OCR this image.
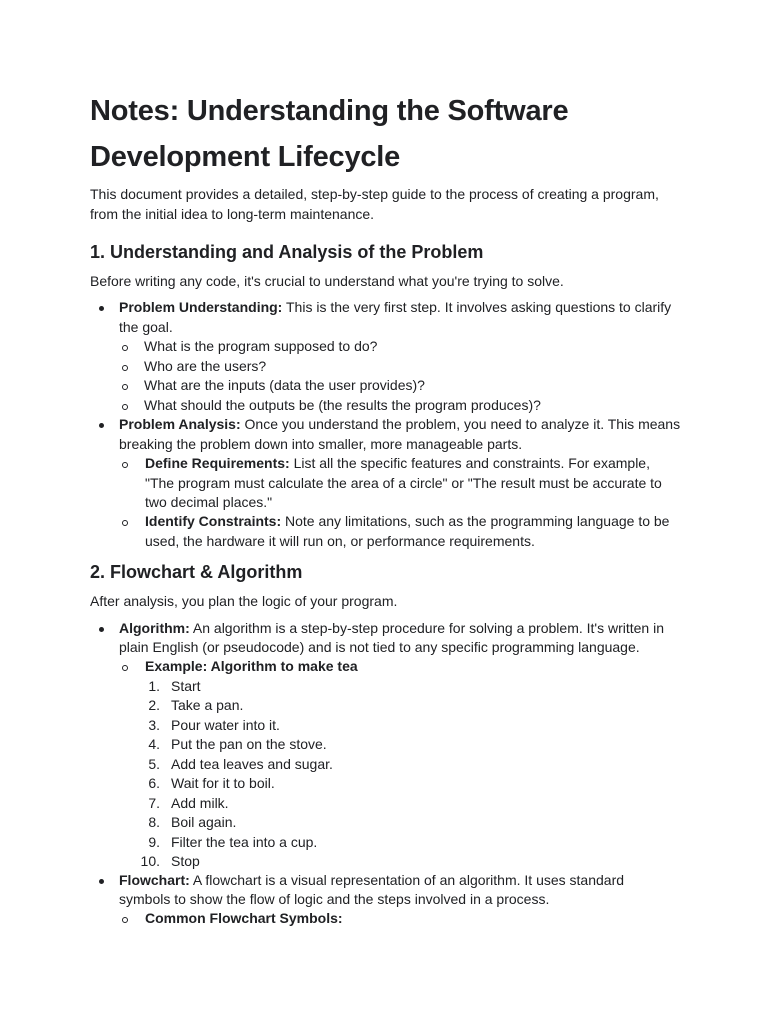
Notes: Understanding the Software Development Lifecycle

This document provides a detailed, step-by-step guide to the process of creating a program, from the initial idea to long-term maintenance.

1. Understanding and Analysis of the Problem

Before writing any code, it's crucial to understand what you're trying to solve.

Problem Understanding: This is the very first step. It involves asking questions to clarify
the goal.
What is the program supposed to do?
Who are the users?
What are the inputs (data the user provides)?
What should the outputs be (the results the program produces)?
Problem Analysis: Once you understand the problem, you need to analyze it. This means
breaking the problem down into smaller, more manageable parts.
Define Requirements: List all the specific features and constraints. For example,
"The program must calculate the area of a circle" or "The result must be accurate to
two decimal places."
Identify Constraints: Note any limitations, such as the programming language to be
used, the hardware it will run on, or performance requirements.
2. Flowchart & Algorithm

After analysis, you plan the logic of your program.

Algorithm: An algorithm is a step-by-step procedure for solving a problem. It's written in
plain English (or pseudocode) and is not tied to any specific programming language.
Example: Algorithm to make tea
1. Start
2. Take a pan.
3. Pour water into it.
4. Put the pan on the stove.
5. Add tea leaves and sugar.
6. Wait for it to boil.
7. Add milk.
8. Boil again.
9. Filter the tea into a cup.
10. Stop
Flowchart: A flowchart is a visual representation of an algorithm. It uses standard
symbols to show the flow of logic and the steps involved in a process.
Common Flowchart Symbols:
